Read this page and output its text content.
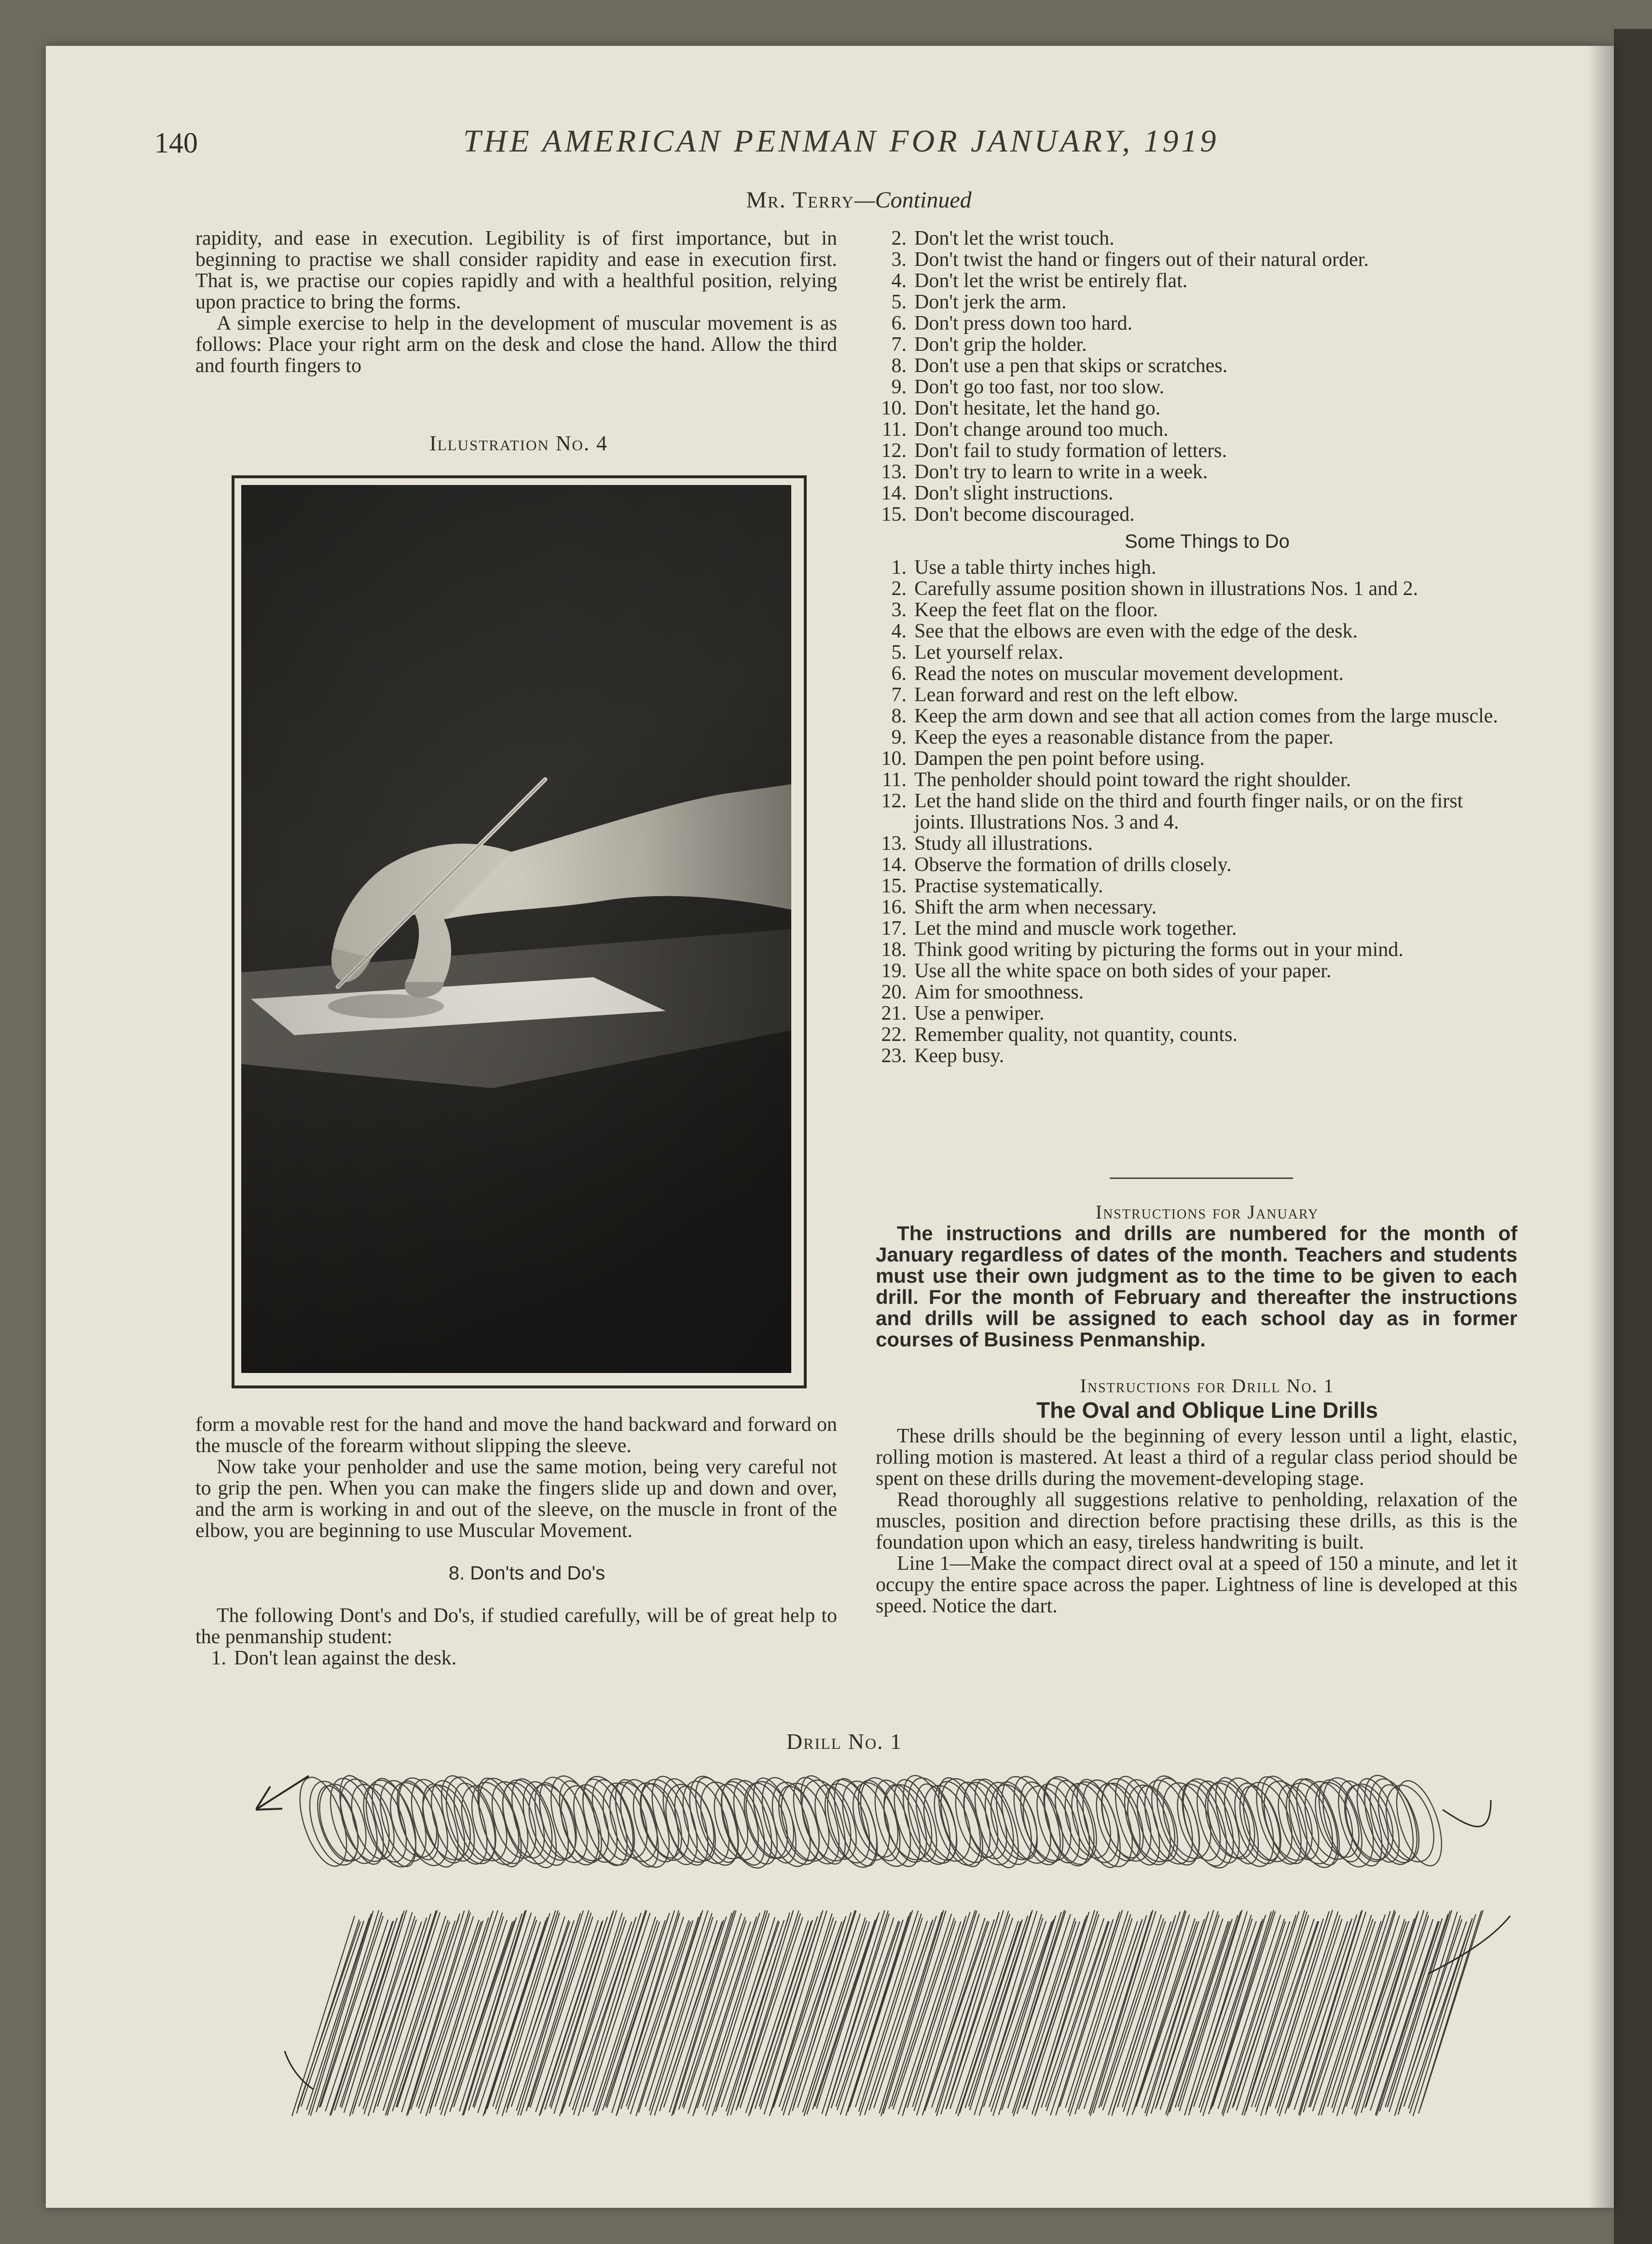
140	THE AMERICAN PENMAN FOR JANUARY, 1919
Mr. Terry—Continued

rapidity, and ease in execution. Legibility is of first importance, but in beginning to practise we shall consider rapidity and ease in execution first. That is, we practise our copies rapidly and with a healthful position, relying upon practice to bring the forms.

A simple exercise to help in the development of muscular movement is as follows: Place your right arm on the desk and close the hand. Allow the third and fourth fingers to

Illustration No. 4

form a movable rest for the hand and move the hand backward and forward on the muscle of the forearm without slipping the sleeve.

Now take your penholder and use the same motion, being very careful not to grip the pen. When you can make the fingers slide up and down and over, and the arm is working in and out of the sleeve, on the muscle in front of the elbow, you are beginning to use Muscular Movement.

8. Don'ts and Do's

The following Dont's and Do's, if studied carefully, will be of great help to the penmanship student:

1. Don't lean against the desk.
2. Don't let the wrist touch.
3. Don't twist the hand or fingers out of their natural order.
4. Don't let the wrist be entirely flat.
5. Don't jerk the arm.
6. Don't press down too hard.
7. Don't grip the holder.
8. Don't use a pen that skips or scratches.
9. Don't go too fast, nor too slow.
10. Don't hesitate, let the hand go.
11. Don't change around too much.
12. Don't fail to study formation of letters.
13. Don't try to learn to write in a week.
14. Don't slight instructions.
15. Don't become discouraged.

Some Things to Do

1. Use a table thirty inches high.
2. Carefully assume position shown in illustrations Nos. 1 and 2.
3. Keep the feet flat on the floor.
4. See that the elbows are even with the edge of the desk.
5. Let yourself relax.
6. Read the notes on muscular movement development.
7. Lean forward and rest on the left elbow.
8. Keep the arm down and see that all action comes from the large muscle.
9. Keep the eyes a reasonable distance from the paper.
10. Dampen the pen point before using.
11. The penholder should point toward the right shoulder.
12. Let the hand slide on the third and fourth finger nails, or on the first joints. Illustrations Nos. 3 and 4.
13. Study all illustrations.
14. Observe the formation of drills closely.
15. Practise systematically.
16. Shift the arm when necessary.
17. Let the mind and muscle work together.
18. Think good writing by picturing the forms out in your mind.
19. Use all the white space on both sides of your paper.
20. Aim for smoothness.
21. Use a penwiper.
22. Remember quality, not quantity, counts.
23. Keep busy.

Instructions for January

The instructions and drills are numbered for the month of January regardless of dates of the month. Teachers and students must use their own judgment as to the time to be given to each drill. For the month of February and thereafter the instructions and drills will be assigned to each school day as in former courses of Business Penmanship.

Instructions for Drill No. 1

The Oval and Oblique Line Drills

These drills should be the beginning of every lesson until a light, elastic, rolling motion is mastered. At least a third of a regular class period should be spent on these drills during the movement-developing stage.

Read thoroughly all suggestions relative to penholding, relaxation of the muscles, position and direction before practising these drills, as this is the foundation upon which an easy, tireless handwriting is built.

Line 1—Make the compact direct oval at a speed of 150 a minute, and let it occupy the entire space across the paper. Lightness of line is developed at this speed. Notice the dart.

Drill No. 1
